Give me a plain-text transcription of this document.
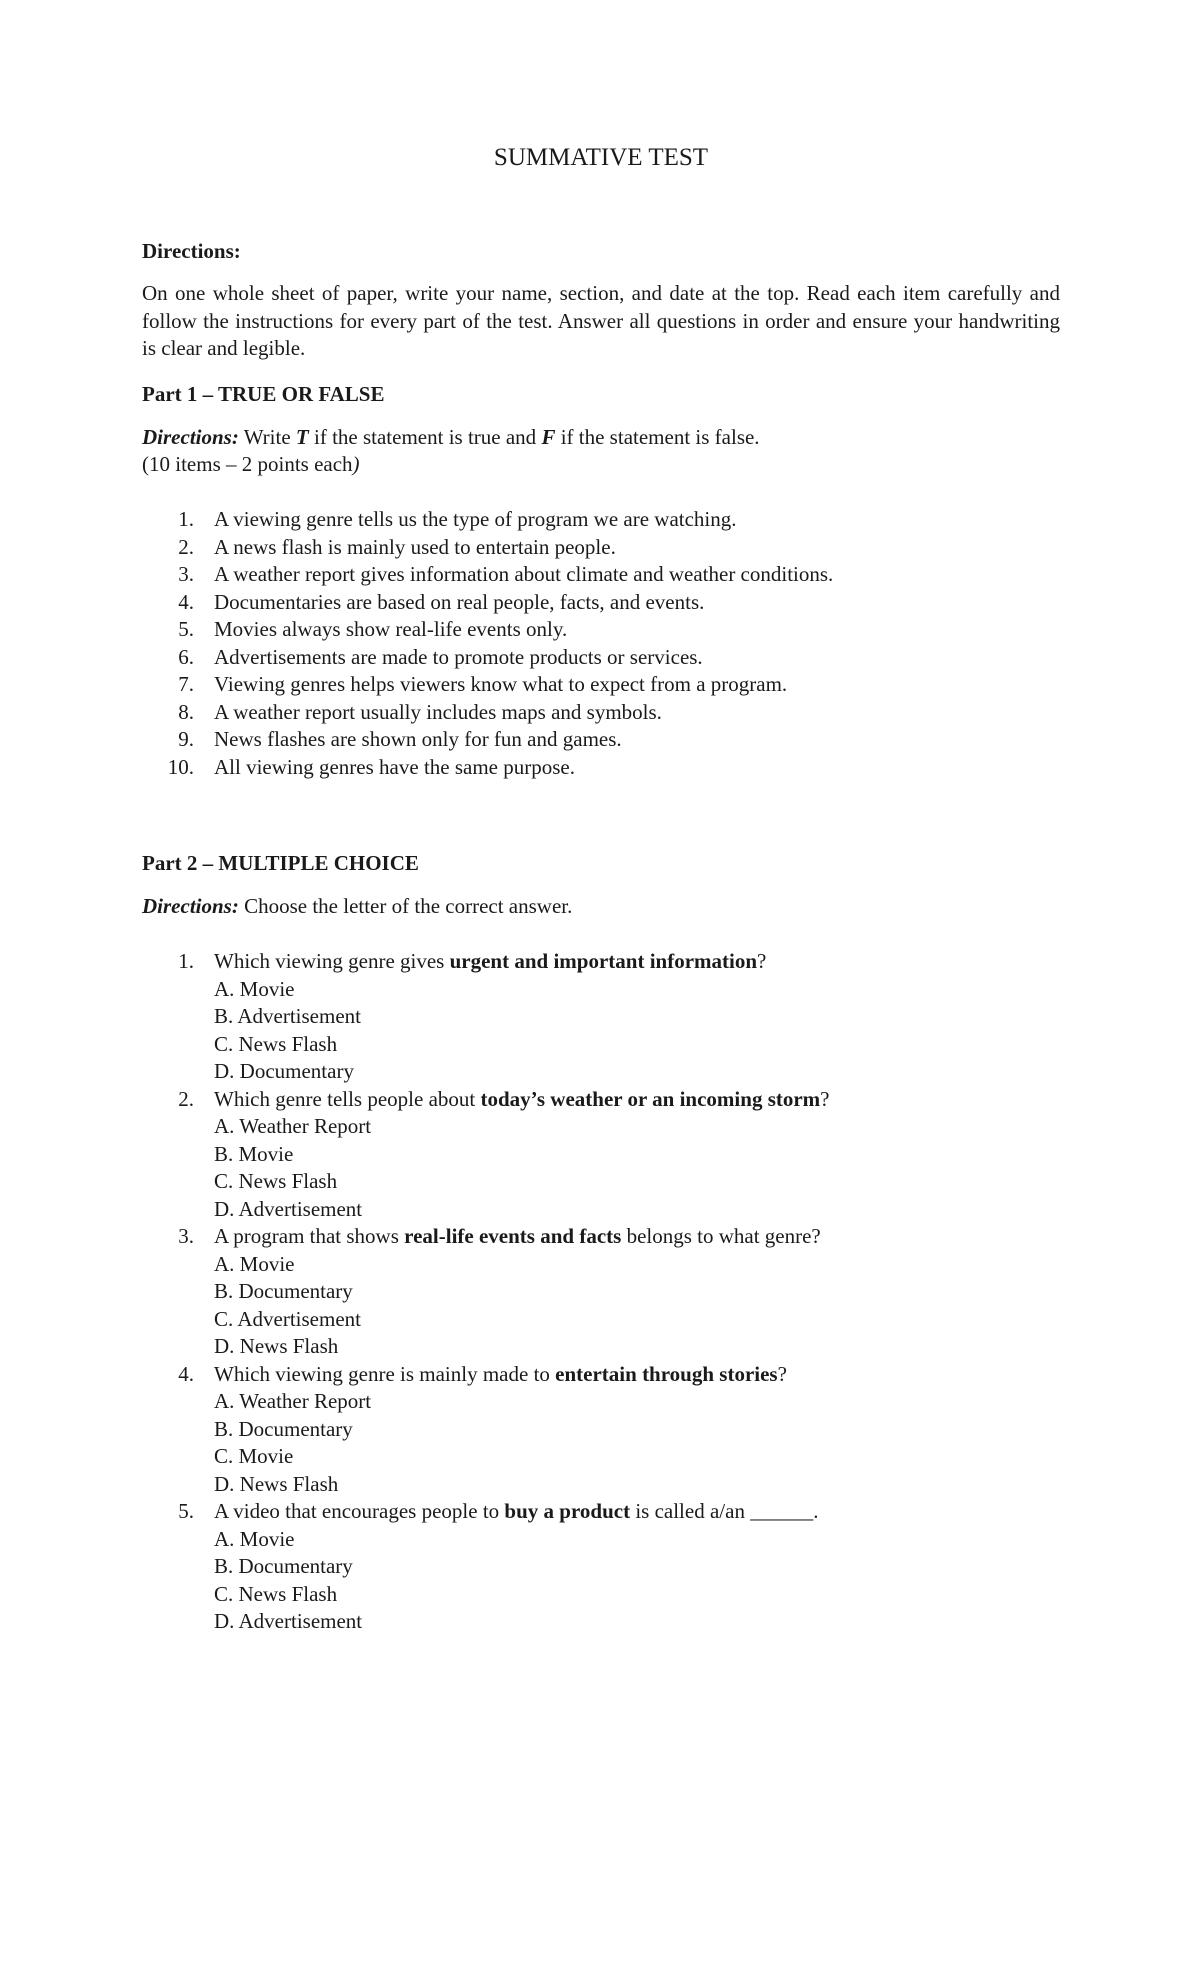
SUMMATIVE TEST
Directions:

On one whole sheet of paper, write your name, section, and date at the top. Read each item carefully and follow the instructions for every part of the test. Answer all questions in order and ensure your handwriting is clear and legible.

Part 1 – TRUE OR FALSE

Directions: Write T if the statement is true and F if the statement is false.

(10 items – 2 points each)

1. A viewing genre tells us the type of program we are watching.
2. A news flash is mainly used to entertain people.
3. A weather report gives information about climate and weather conditions.
4. Documentaries are based on real people, facts, and events.
5. Movies always show real-life events only.
6. Advertisements are made to promote products or services.
7. Viewing genres helps viewers know what to expect from a program.
8. A weather report usually includes maps and symbols.
9. News flashes are shown only for fun and games.
10. All viewing genres have the same purpose.

Part 2 – MULTIPLE CHOICE

Directions: Choose the letter of the correct answer.

1. Which viewing genre gives urgent and important information?
A. Movie
B. Advertisement
C. News Flash
D. Documentary
2. Which genre tells people about today’s weather or an incoming storm?
A. Weather Report
B. Movie
C. News Flash
D. Advertisement
3. A program that shows real-life events and facts belongs to what genre?
A. Movie
B. Documentary
C. Advertisement
D. News Flash
4. Which viewing genre is mainly made to entertain through stories?
A. Weather Report
B. Documentary
C. Movie
D. News Flash
5. A video that encourages people to buy a product is called a/an ______.
A. Movie
B. Documentary
C. News Flash
D. Advertisement
